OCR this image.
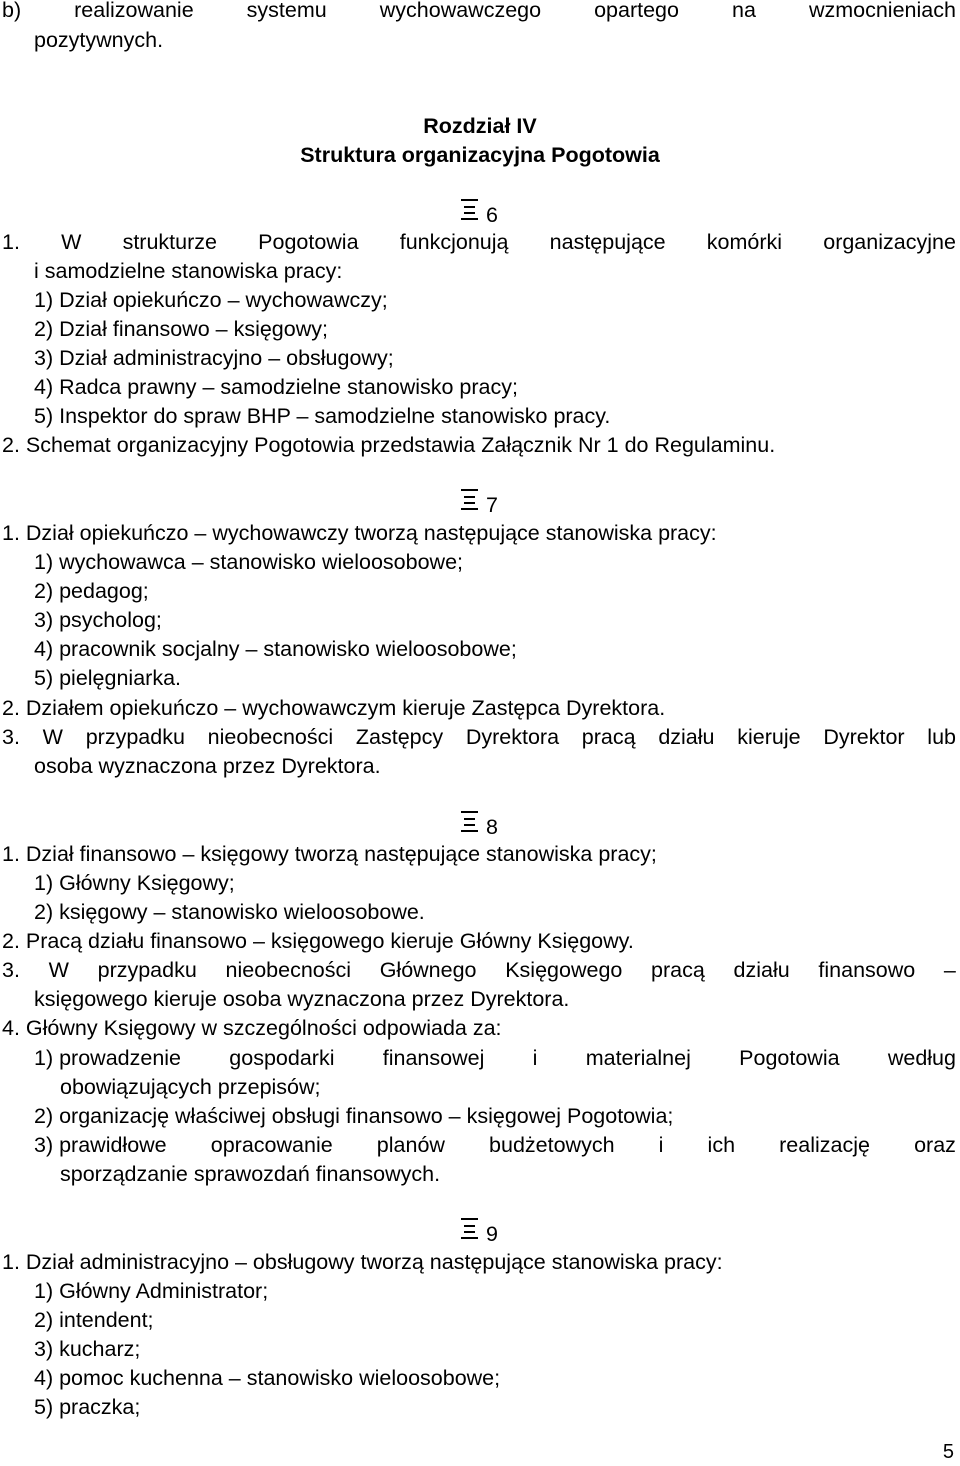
b) realizowanie systemu wychowawczego opartego na wzmocnieniach
pozytywnych.
Rozdział IV
Struktura organizacyjna Pogotowia
6
1. W strukturze Pogotowia funkcjonują następujące komórki organizacyjne
i samodzielne stanowiska pracy:
1) Dział opiekuńczo – wychowawczy;
2) Dział finansowo – księgowy;
3) Dział administracyjno – obsługowy;
4) Radca prawny – samodzielne stanowisko pracy;
5) Inspektor do spraw BHP – samodzielne stanowisko pracy.
2. Schemat organizacyjny Pogotowia przedstawia Załącznik Nr 1 do Regulaminu.
7
1. Dział opiekuńczo – wychowawczy tworzą następujące stanowiska pracy:
1) wychowawca – stanowisko wieloosobowe;
2) pedagog;
3) psycholog;
4) pracownik socjalny – stanowisko wieloosobowe;
5) pielęgniarka.
2. Działem opiekuńczo – wychowawczym kieruje Zastępca Dyrektora.
3. W przypadku nieobecności Zastępcy Dyrektora pracą działu kieruje Dyrektor lub
osoba wyznaczona przez Dyrektora.
8
1. Dział finansowo – księgowy tworzą następujące stanowiska pracy;
1) Główny Księgowy;
2) księgowy – stanowisko wieloosobowe.
2. Pracą działu finansowo – księgowego kieruje Główny Księgowy.
3. W przypadku nieobecności Głównego Księgowego pracą działu finansowo –
księgowego kieruje osoba wyznaczona przez Dyrektora.
4. Główny Księgowy w szczególności odpowiada za:
1) prowadzenie gospodarki finansowej i materialnej Pogotowia według
obowiązujących przepisów;
2) organizację właściwej obsługi finansowo – księgowej Pogotowia;
3) prawidłowe opracowanie planów budżetowych i ich realizację oraz
sporządzanie sprawozdań finansowych.
9
1. Dział administracyjno – obsługowy tworzą następujące stanowiska pracy:
1) Główny Administrator;
2) intendent;
3) kucharz;
4) pomoc kuchenna – stanowisko wieloosobowe;
5) praczka;
5
